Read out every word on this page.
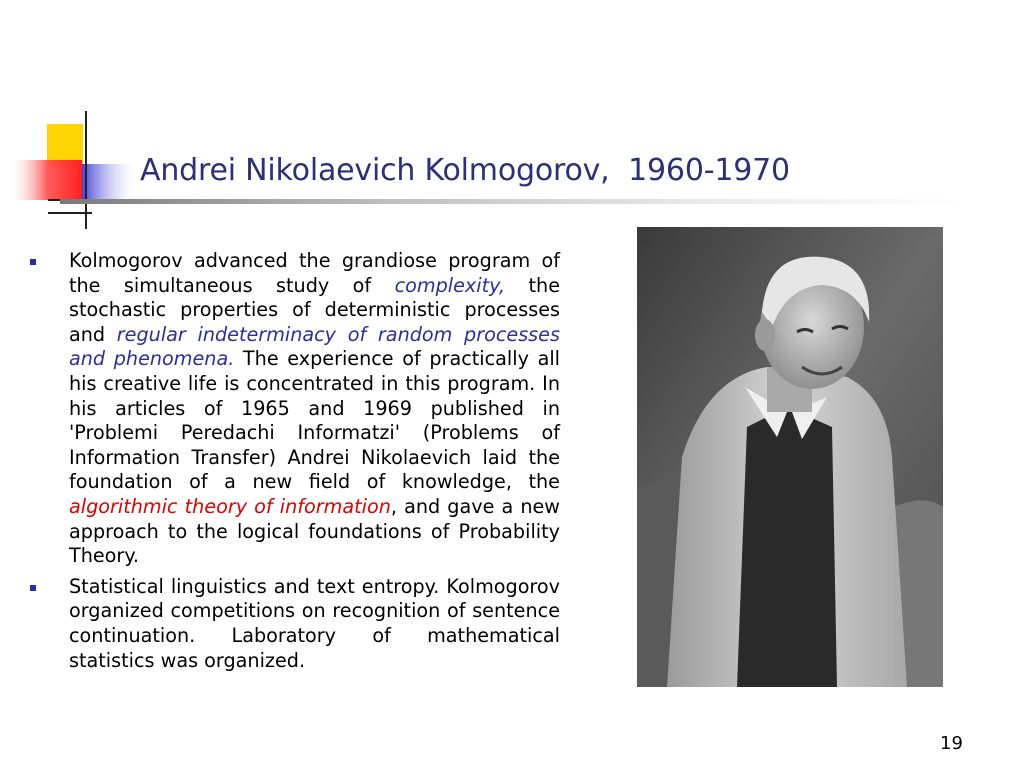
Andrei Nikolaevich Kolmogorov,  1960-1970
Kolmogorov advanced the grandiose program of the simultaneous study of complexity, the stochastic properties of deterministic processes and regular indeterminacy of random processes and phenomena. The experience of practically all his creative life is concentrated in this program. In his articles of 1965 and 1969 published in 'Problemi Peredachi Informatzi' (Problems of Information Transfer) Andrei Nikolaevich laid the foundation of a new field of knowledge, the algorithmic theory of information, and gave a new approach to the logical foundations of Probability Theory.
Statistical linguistics and text entropy. Kolmogorov organized competitions on recognition of sentence continuation. Laboratory of mathematical statistics was organized.
19
